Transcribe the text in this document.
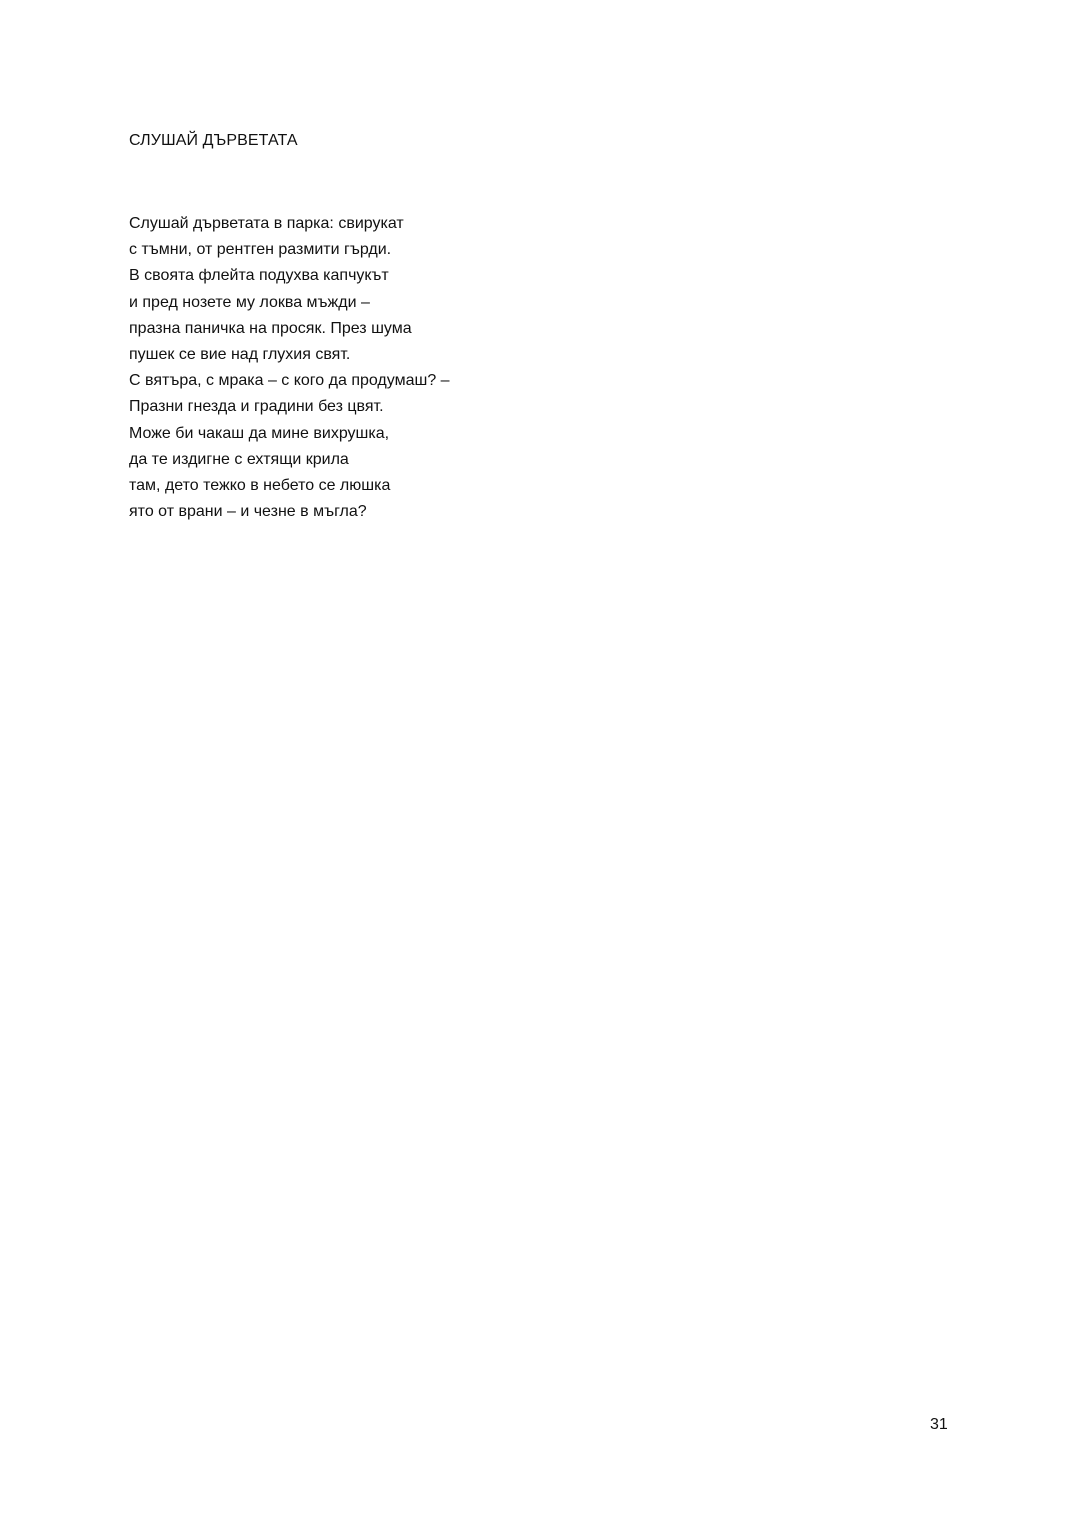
СЛУШАЙ ДЪРВЕТАТА
Слушай дърветата в парка: свирукат
с тъмни, от рентген размити гърди.
В своята флейта подухва капчукът
и пред нозете му локва мъжди –
празна паничка на просяк. През шума
пушек се вие над глухия свят.
С вятъра, с мрака – с кого да продумаш? –
Празни гнезда и градини без цвят.
Може би чакаш да мине вихрушка,
да те издигне с ехтящи крила
там, дето тежко в небето се люшка
ято от врани – и чезне в мъгла?
31
